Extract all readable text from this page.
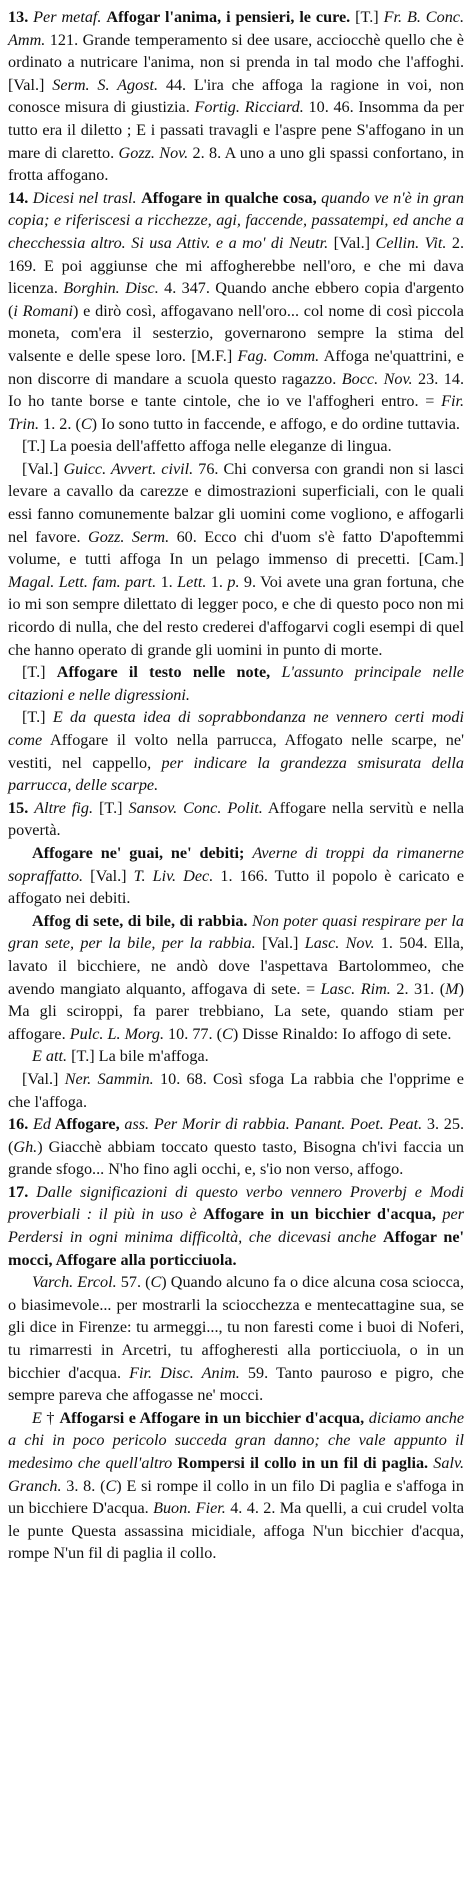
13. Per metaf. Affogar l'anima, i pensieri, le cure. [T.] Fr. B. Conc. Amm. 121. Grande temperamento si dee usare, acciocchè quello che è ordinato a nutricare l'anima, non si prenda in tal modo che l'affoghi. [Val.] Serm. S. Agost. 44. L'ira che affoga la ragione in voi, non conosce misura di giustizia. Fortig. Ricciard. 10. 46. Insomma da per tutto era il diletto ; E i passati travagli e l'aspre pene S'affogano in un mare di claretto. Gozz. Nov. 2. 8. A uno a uno gli spassi confortano, in frotta affogano.

14. Dicesi nel trasl. Affogare in qualche cosa, quando ve n'è in gran copia; e riferiscesi a ricchezze, agi, faccende, passatempi, ed anche a checchessia altro. Si usa Attiv. e a mo' di Neutr. [Val.] Cellin. Vit. 2. 169. E poi aggiunse che mi affogherebbe nell'oro, e che mi dava licenza. Borghin. Disc. 4. 347. Quando anche ebbero copia d'argento (i Romani) e dirò così, affogavano nell'oro... col nome di così piccola moneta, com'era il sesterzio, governarono sempre la stima del valsente e delle spese loro. [M.F.] Fag. Comm. Affoga ne'quattrini, e non discorre di mandare a scuola questo ragazzo. Bocc. Nov. 23. 14. Io ho tante borse e tante cintole, che io ve l'affogheri entro. = Fir. Trin. 1. 2. (C) Io sono tutto in faccende, e affogo, e do ordine tuttavia.

[T.] La poesia dell'affetto affoga nelle eleganze di lingua.

[Val.] Guicc. Avvert. civil. 76. Chi conversa con grandi non si lasci levare a cavallo da carezze e dimostrazioni superficiali, con le quali essi fanno comunemente balzar gli uomini come vogliono, e affogarli nel favore. Gozz. Serm. 60. Ecco chi d'uom s'è fatto D'apoftemmi volume, e tutti affoga In un pelago immenso di precetti. [Cam.] Magal. Lett. fam. part. 1. Lett. 1. p. 9. Voi avete una gran fortuna, che io mi son sempre dilettato di legger poco, e che di questo poco non mi ricordo di nulla, che del resto crederei d'affogarvi cogli esempi di quel che hanno operato di grande gli uomini in punto di morte.

[T.] Affogare il testo nelle note, L'assunto principale nelle citazioni e nelle digressioni.

[T.] E da questa idea di soprabbondanza ne vennero certi modi come Affogare il volto nella parrucca, Affogato nelle scarpe, ne' vestiti, nel cappello, per indicare la grandezza smisurata della parrucca, delle scarpe.

15. Altre fig. [T.] Sansov. Conc. Polit. Affogare nella servitù e nella povertà.

Affogare ne' guai, ne' debiti; Averne di troppi da rimanerne sopraffatto. [Val.] T. Liv. Dec. 1. 166. Tutto il popolo è caricato e affogato nei debiti.

Affog di sete, di bile, di rabbia. Non poter quasi respirare per la gran sete, per la bile, per la rabbia. [Val.] Lasc. Nov. 1. 504. Ella, lavato il bicchiere, ne andò dove l'aspettava Bartolommeo, che avendo mangiato alquanto, affogava di sete. = Lasc. Rim. 2. 31. (M) Ma gli sciroppi, fa parer trebbiano, La sete, quando stiam per affogare. Pulc. L. Morg. 10. 77. (C) Disse Rinaldo: Io affogo di sete.

E att. [T.] La bile m'affoga.

[Val.] Ner. Sammin. 10. 68. Così sfoga La rabbia che l'opprime e che l'affoga.

16. Ed Affogare, ass. Per Morir di rabbia. Panant. Poet. Peat. 3. 25. (Gh.) Giacchè abbiam toccato questo tasto, Bisogna ch'ivi faccia un grande sfogo... N'ho fino agli occhi, e, s'io non verso, affogo.

17. Dalle significazioni di questo verbo vennero Proverbj e Modi proverbiali : il più in uso è Affogare in un bicchier d'acqua, per Perdersi in ogni minima difficoltà, che dicevasi anche Affogar ne' mocci, Affogare alla porticciuola.

Varch. Ercol. 57. (C) Quando alcuno fa o dice alcuna cosa sciocca, o biasimevole... per mostrarli la sciocchezza e mentecattagine sua, se gli dice in Firenze: tu armeggi..., tu non faresti come i buoi di Noferi, tu rimarresti in Arcetri, tu affogheresti alla porticciuola, o in un bicchier d'acqua. Fir. Disc. Anim. 59. Tanto pauroso e pigro, che sempre pareva che affogasse ne' mocci.

E † Affogarsi e Affogare in un bicchier d'acqua, diciamo anche a chi in poco pericolo succeda gran danno; che vale appunto il medesimo che quell'altro Rompersi il collo in un fil di paglia. Salv. Granch. 3. 8. (C) E si rompe il collo in un filo Di paglia e s'affoga in un bicchiere D'acqua. Buon. Fier. 4. 4. 2. Ma quelli, a cui crudel volta le punte Questa assassina micidiale, affoga N'un bicchier d'acqua, rompe N'un fil di paglia il collo.
